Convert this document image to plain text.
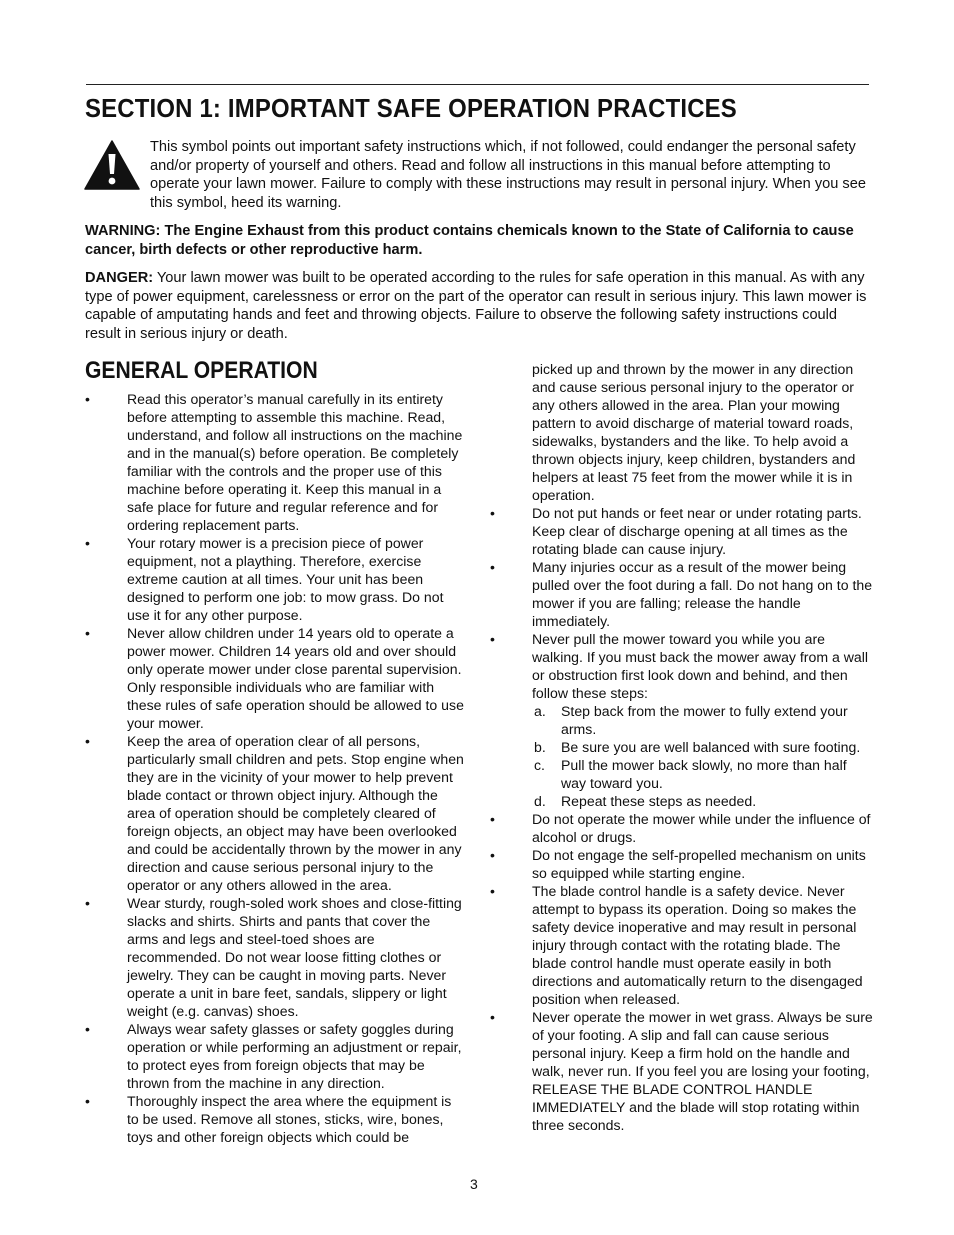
SECTION 1: IMPORTANT SAFE OPERATION PRACTICES
This symbol points out important safety instructions which, if not followed, could endanger the personal safety and/or property of yourself and others. Read and follow all instructions in this manual before attempting to operate your lawn mower. Failure to comply with these instructions may result in personal injury. When you see this symbol, heed its warning.

WARNING: The Engine Exhaust from this product contains chemicals known to the State of California to cause cancer, birth defects or other reproductive harm.

DANGER: Your lawn mower was built to be operated according to the rules for safe operation in this manual. As with any type of power equipment, carelessness or error on the part of the operator can result in serious injury. This lawn mower is capable of amputating hands and feet and throwing objects. Failure to observe the following safety instructions could result in serious injury or death.

GENERAL OPERATION
•	Read this operator’s manual carefully in its entirety before attempting to assemble this machine. Read, understand, and follow all instructions on the machine and in the manual(s) before operation. Be completely familiar with the controls and the proper use of this machine before operating it. Keep this manual in a safe place for future and regular reference and for ordering replacement parts.
•	Your rotary mower is a precision piece of power equipment, not a plaything. Therefore, exercise extreme caution at all times. Your unit has been designed to perform one job: to mow grass. Do not use it for any other purpose.
•	Never allow children under 14 years old to operate a power mower. Children 14 years old and over should only operate mower under close parental supervision. Only responsible individuals who are familiar with these rules of safe operation should be allowed to use your mower.
•	Keep the area of operation clear of all persons, particularly small children and pets. Stop engine when they are in the vicinity of your mower to help prevent blade contact or thrown object injury. Although the area of operation should be completely cleared of foreign objects, an object may have been overlooked and could be accidentally thrown by the mower in any direction and cause serious personal injury to the operator or any others allowed in the area.
•	Wear sturdy, rough-soled work shoes and close-fitting slacks and shirts. Shirts and pants that cover the arms and legs and steel-toed shoes are recommended. Do not wear loose fitting clothes or jewelry. They can be caught in moving parts. Never operate a unit in bare feet, sandals, slippery or light weight (e.g. canvas) shoes.
•	Always wear safety glasses or safety goggles during operation or while performing an adjustment or repair, to protect eyes from foreign objects that may be thrown from the machine in any direction.
•	Thoroughly inspect the area where the equipment is to be used. Remove all stones, sticks, wire, bones, toys and other foreign objects which could be
picked up and thrown by the mower in any direction and cause serious personal injury to the operator or any others allowed in the area. Plan your mowing pattern to avoid discharge of material toward roads, sidewalks, bystanders and the like. To help avoid a thrown objects injury, keep children, bystanders and helpers at least 75 feet from the mower while it is in operation.
•	Do not put hands or feet near or under rotating parts. Keep clear of discharge opening at all times as the rotating blade can cause injury.
•	Many injuries occur as a result of the mower being pulled over the foot during a fall. Do not hang on to the mower if you are falling; release the handle immediately.
•	Never pull the mower toward you while you are walking. If you must back the mower away from a wall or obstruction first look down and behind, and then follow these steps:
a. Step back from the mower to fully extend your arms.
b. Be sure you are well balanced with sure footing.
c. Pull the mower back slowly, no more than half way toward you.
d. Repeat these steps as needed.
•	Do not operate the mower while under the influence of alcohol or drugs.
•	Do not engage the self-propelled mechanism on units so equipped while starting engine.
•	The blade control handle is a safety device. Never attempt to bypass its operation. Doing so makes the safety device inoperative and may result in personal injury through contact with the rotating blade. The blade control handle must operate easily in both directions and automatically return to the disengaged position when released.
•	Never operate the mower in wet grass. Always be sure of your footing. A slip and fall can cause serious personal injury. Keep a firm hold on the handle and walk, never run. If you feel you are losing your footing, RELEASE THE BLADE CONTROL HANDLE IMMEDIATELY and the blade will stop rotating within three seconds.
3
